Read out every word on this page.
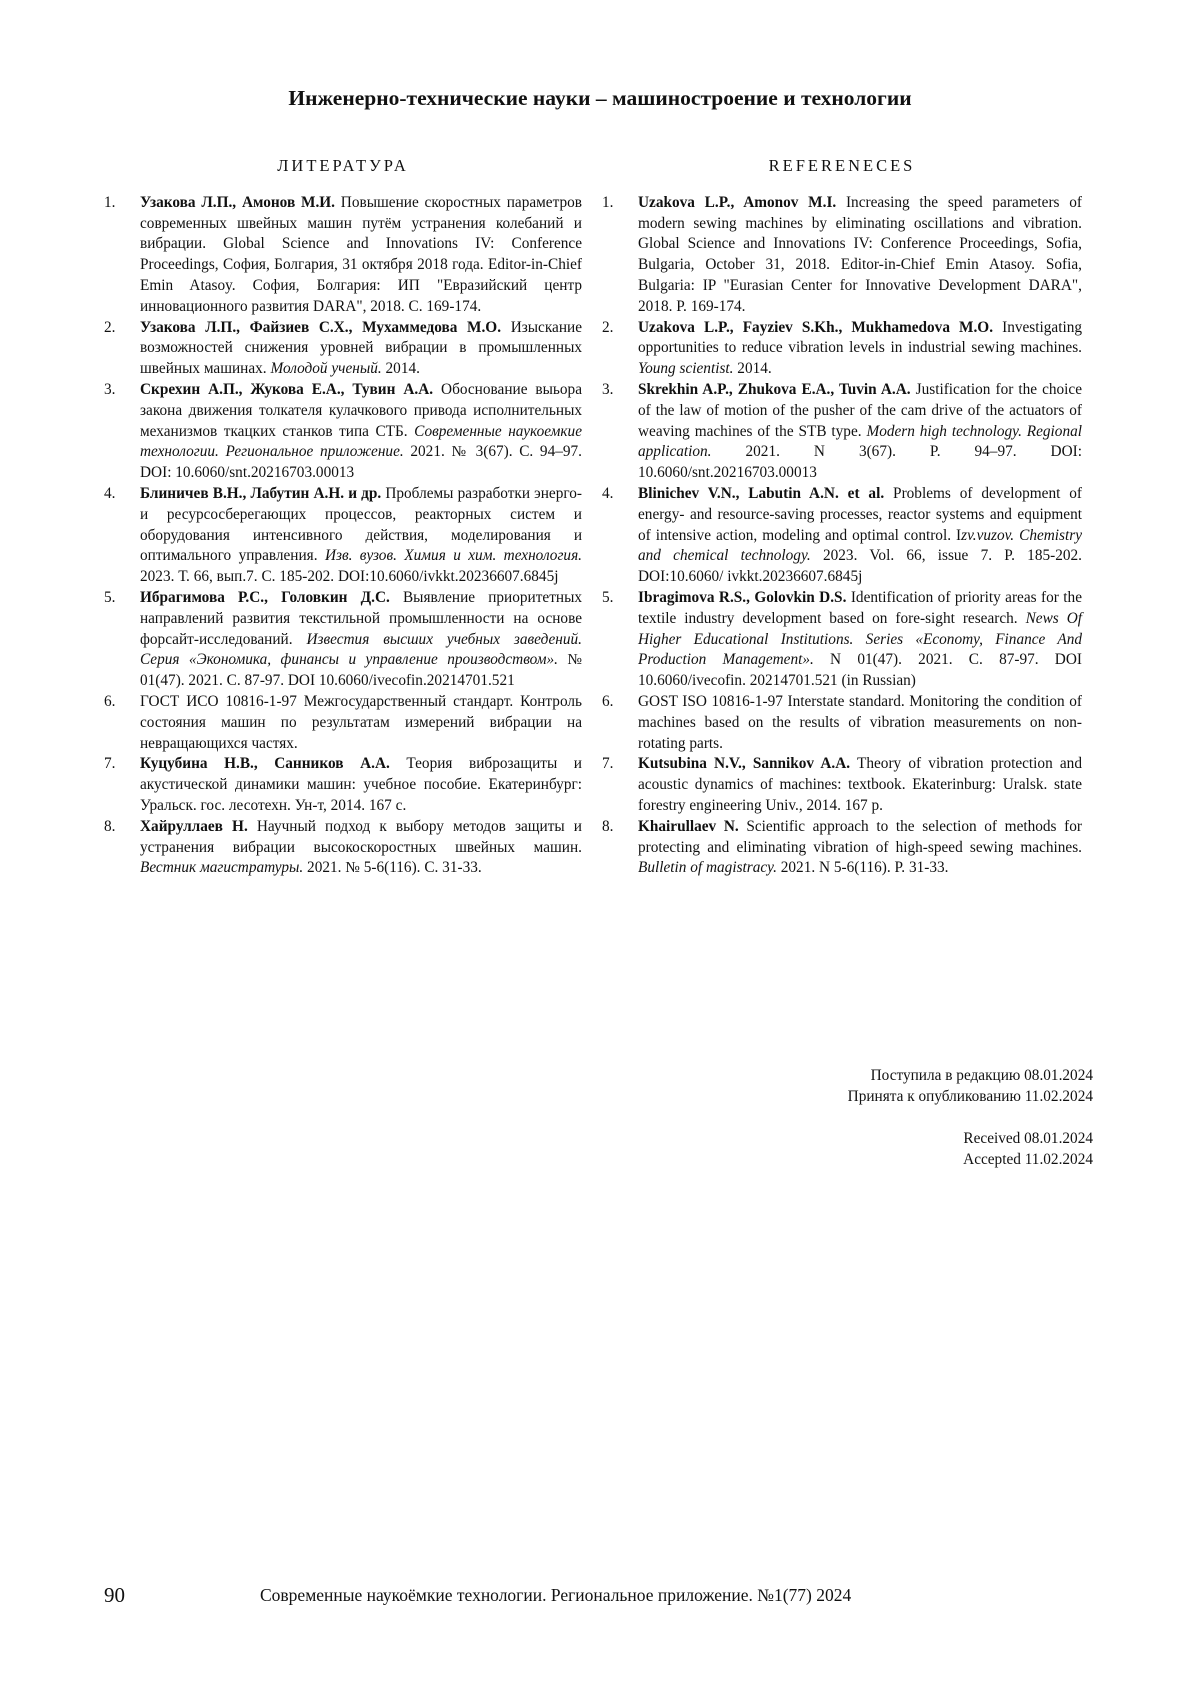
Инженерно-технические науки – машиностроение и технологии
ЛИТЕРАТУРА
1.	Узакова Л.П., Амонов М.И. Повышение скоростных параметров современных швейных машин путём устранения колебаний и вибрации. Global Science and Innovations IV: Conference Proceedings, София, Болгария, 31 октября 2018 года. Editor-in-Chief Emin Atasoy. София, Болгария: ИП "Евразийский центр инновационного развития DARA", 2018. С. 169-174.
2.	Узакова Л.П., Файзиев С.Х., Мухаммедова М.О. Изыскание возможностей снижения уровней вибрации в промышленных швейных машинах. Молодой ученый. 2014.
3.	Скрехин А.П., Жукова Е.А., Тувин А.А. Обоснование выьора закона движения толкателя кулачкового привода исполнительных механизмов ткацких станков типа СТБ. Современные наукоемкие технологии. Региональное приложение. 2021. № 3(67). С. 94–97. DOI: 10.6060/snt.20216703.00013
4.	Блиничев В.Н., Лабутин А.Н. и др. Проблемы разработки энерго- и ресурсосберегающих процессов, реакторных систем и оборудования интенсивного действия, моделирования и оптимального управления. Изв. вузов. Химия и хим. технология. 2023. Т. 66, вып.7. С. 185-202. DOI:10.6060/ivkkt.20236607.6845j
5.	Ибрагимова Р.С., Головкин Д.С. Выявление приоритетных направлений развития текстильной промышленности на основе форсайт-исследований. Известия высших учебных заведений. Серия «Экономика, финансы и управление производством». № 01(47). 2021. С. 87-97. DOI 10.6060/ivecofin.20214701.521
6.	ГОСТ ИСО 10816-1-97 Межгосударственный стандарт. Контроль состояния машин по результатам измерений вибрации на невращающихся частях.
7.	Куцубина Н.В., Санников А.А. Теория виброзащиты и акустической динамики машин: учебное пособие. Екатеринбург: Уральск. гос. лесотехн. Ун-т, 2014. 167 с.
8.	Хайруллаев Н. Научный подход к выбору методов защиты и устранения вибрации высокоскоростных швейных машин. Вестник магистратуры. 2021. № 5-6(116). С. 31-33.
REFERENECES
1.	Uzakova L.P., Amonov M.I. Increasing the speed parameters of modern sewing machines by eliminating oscillations and vibration. Global Science and Innovations IV: Conference Proceedings, Sofia, Bulgaria, October 31, 2018. Editor-in-Chief Emin Atasoy. Sofia, Bulgaria: IP "Eurasian Center for Innovative Development DARA", 2018. P. 169-174.
2.	Uzakova L.P., Fayziev S.Kh., Mukhamedova M.O. Investigating opportunities to reduce vibration levels in industrial sewing machines. Young scientist. 2014.
3.	Skrekhin A.P., Zhukova E.A., Tuvin A.A. Justification for the choice of the law of motion of the pusher of the cam drive of the actuators of weaving machines of the STB type. Modern high technology. Regional application. 2021. N 3(67). P. 94–97. DOI: 10.6060/snt.20216703.00013
4.	Blinichev V.N., Labutin A.N. et al. Problems of development of energy- and resource-saving processes, reactor systems and equipment of intensive action, modeling and optimal control. Izv.vuzov. Chemistry and chemical technology. 2023. Vol. 66, issue 7. P. 185-202. DOI:10.6060/ ivkkt.20236607.6845j
5.	Ibragimova R.S., Golovkin D.S. Identification of priority areas for the textile industry development based on fore-sight research. News Of Higher Educational Institutions. Series «Economy, Finance And Production Management». N 01(47). 2021. C. 87-97. DOI 10.6060/ivecofin. 20214701.521 (in Russian)
6.	GOST ISO 10816-1-97 Interstate standard. Monitoring the condition of machines based on the results of vibration measurements on non-rotating parts.
7.	Kutsubina N.V., Sannikov A.A. Theory of vibration protection and acoustic dynamics of machines: textbook. Ekaterinburg: Uralsk. state forestry engineering Univ., 2014. 167 p.
8.	Khairullaev N. Scientific approach to the selection of methods for protecting and eliminating vibration of high-speed sewing machines. Bulletin of magistracy. 2021. N 5-6(116). P. 31-33.
Поступила в редакцию 08.01.2024
Принята к опубликованию 11.02.2024
Received 08.01.2024
Accepted 11.02.2024
90	Современные наукоёмкие технологии. Региональное приложение. №1(77) 2024
